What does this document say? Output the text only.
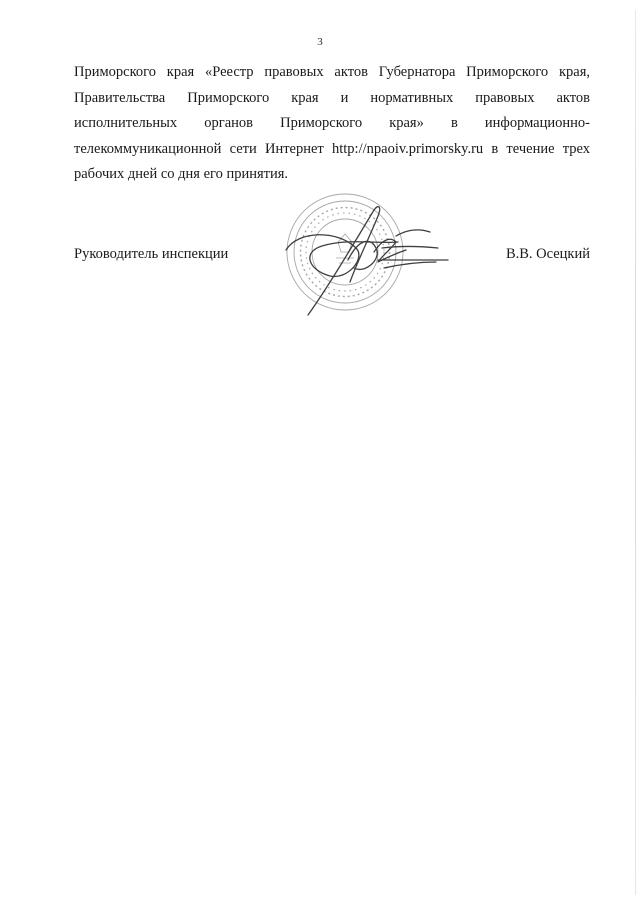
3
Приморского края «Реестр правовых актов Губернатора Приморского края,
Правительства Приморского края и нормативных правовых актов
исполнительных органов Приморского края» в информационно-
телекоммуникационной сети Интернет http://npaoiv.primorsky.ru в течение трех
рабочих дней со дня его принятия.
Руководитель инспекции	В.В. Осецкий
